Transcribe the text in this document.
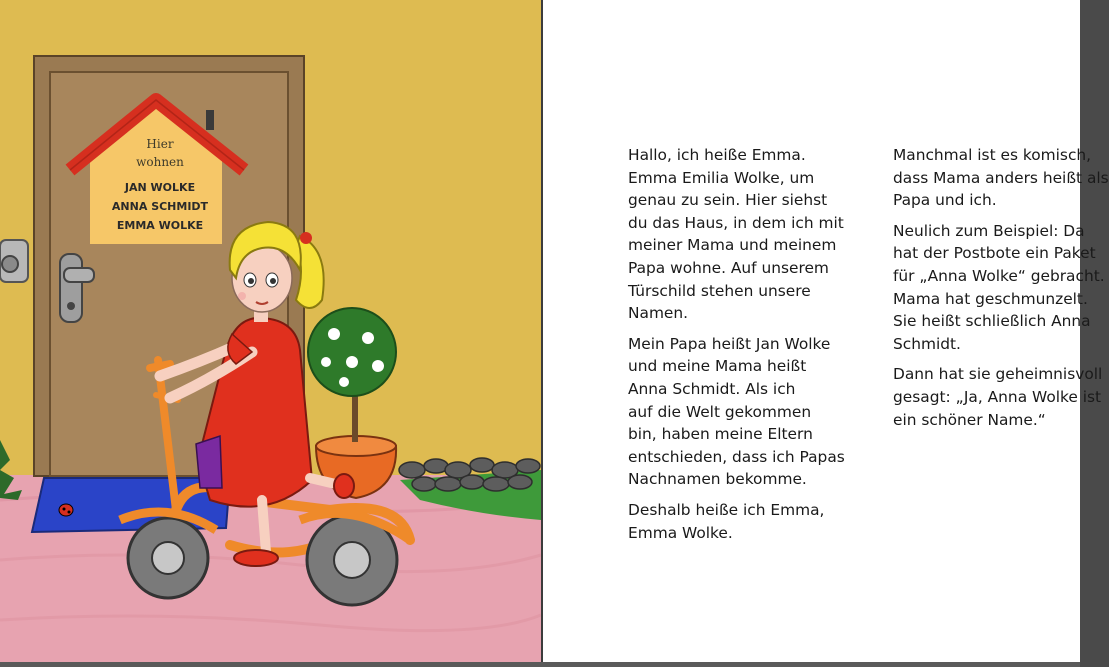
Hier
wohnen
JAN WOLKE
ANNA SCHMIDT
EMMA WOLKE

Hallo, ich heiße Emma.
Emma Emilia Wolke, um
genau zu sein. Hier siehst
du das Haus, in dem ich mit
meiner Mama und meinem
Papa wohne. Auf unserem
Türschild stehen unsere
Namen.

Mein Papa heißt Jan Wolke
und meine Mama heißt
Anna Schmidt. Als ich
auf die Welt gekommen
bin, haben meine Eltern
entschieden, dass ich Papas
Nachnamen bekomme.

Deshalb heiße ich Emma,
Emma Wolke.

Manchmal ist es komisch,
dass Mama anders heißt als
Papa und ich.

Neulich zum Beispiel: Da
hat der Postbote ein Paket
für „Anna Wolke“ gebracht.
Mama hat geschmunzelt.
Sie heißt schließlich Anna
Schmidt.

Dann hat sie geheimnisvoll
gesagt: „Ja, Anna Wolke ist
ein schöner Name.“
